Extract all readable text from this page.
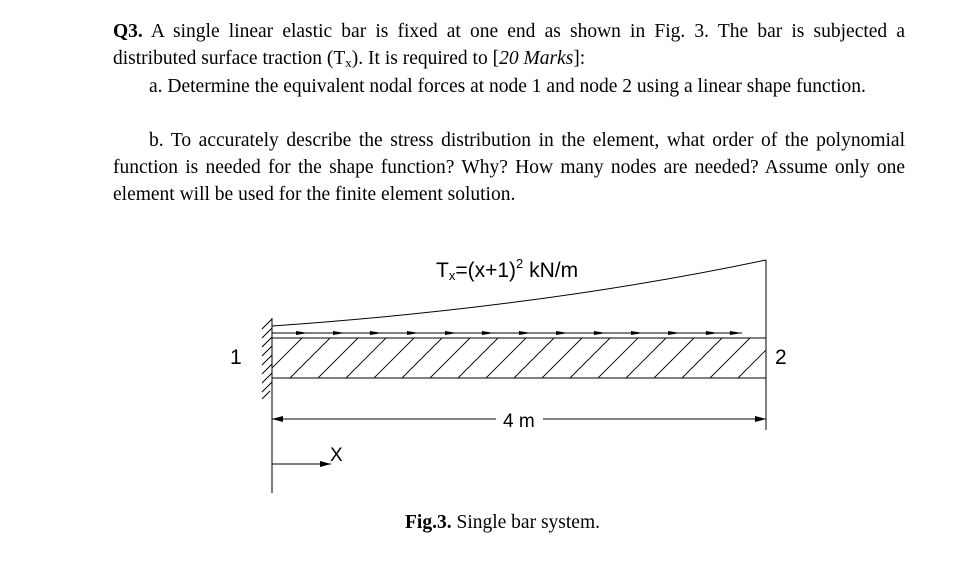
Q3. A single linear elastic bar is fixed at one end as shown in Fig. 3. The bar is subjected a distributed surface traction $(T_x)$. It is required to [20 Marks]:

a. Determine the equivalent nodal forces at node 1 and node 2 using a linear shape function.

b. To accurately describe the stress distribution in the element, what order of the polynomial function is needed for the shape function? Why? How many nodes are needed? Assume only one element will be used for the finite element solution.

$Tx=(x+1)^2$ kN/m
1	2
4 m
X

Fig.3. Single bar system.
